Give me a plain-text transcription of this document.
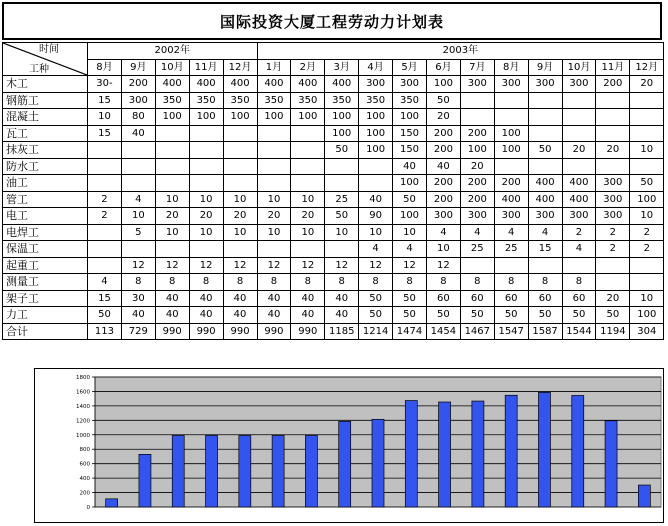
国际投资大厦工程劳动力计划表
时间
工种	2002年					2003年											
	8月	9月	10月	11月	12月	1月	2月	3月	4月	5月	6月	7月	8月	9月	10月	11月	12月
木工	30-	200	400	400	400	400	400	400	300	300	100	300	300	300	300	200	20
钢筋工	15	300	350	350	350	350	350	350	350	350	50						
混凝土	10	80	100	100	100	100	100	100	100	100	20						
瓦工	15	40						100	100	150	200	200	100				
抹灰工								50	100	150	200	100	100	50	20	20	10
防水工										40	40	20					
油工										100	200	200	200	400	400	300	50
管工	2	4	10	10	10	10	10	25	40	50	200	200	400	400	400	300	100
电工	2	10	20	20	20	20	20	50	90	100	300	300	300	300	300	300	10
电焊工		5	10	10	10	10	10	10	10	10	4	4	4	4	2	2	2
保温工									4	4	10	25	25	15	4	2	2
起重工		12	12	12	12	12	12	12	12	12	12						
测量工	4	8	8	8	8	8	8	8	8	8	8	8	8	8	8		
架子工	15	30	40	40	40	40	40	40	50	50	60	60	60	60	60	20	10
力工	50	40	40	40	40	40	40	40	50	50	50	50	50	50	50	50	100
合计	113	729	990	990	990	990	990	1185	1214	1474	1454	1467	1547	1587	1544	1194	304
0
200
400
600
800
1000
1200
1400
1600
1800
